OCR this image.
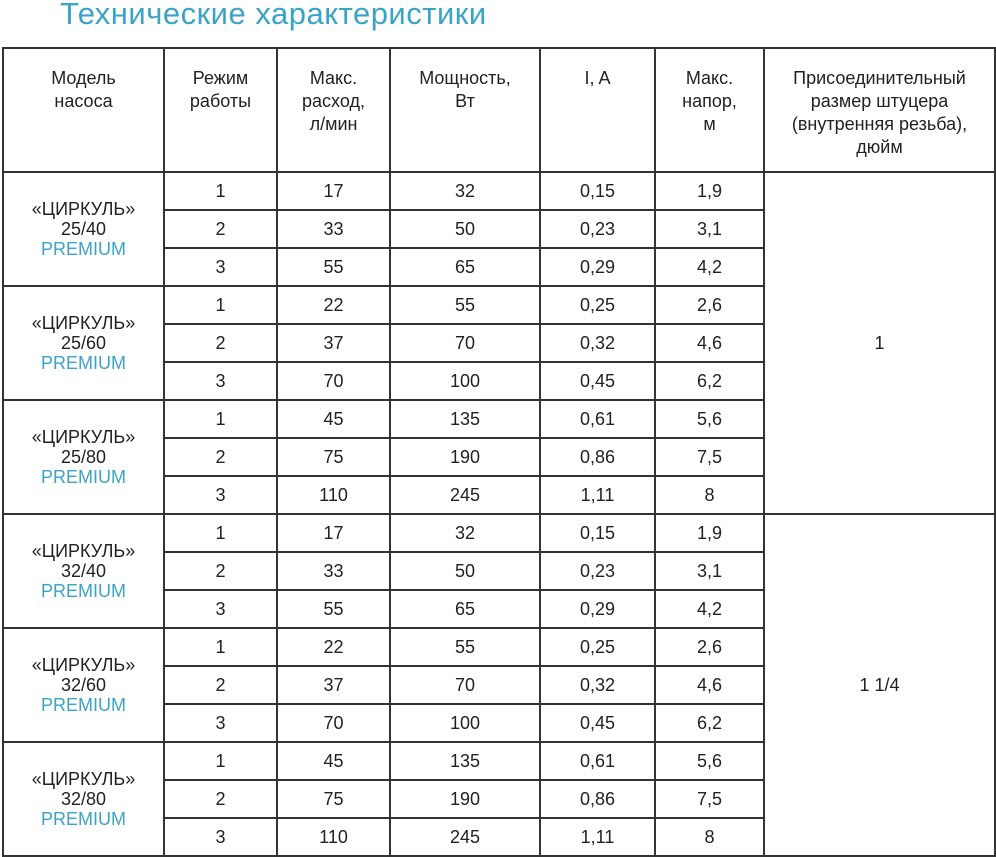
Технические характеристики
Модель
насоса	Режим
работы	Макс.
расход,
л/мин	Мощность,
Вт	I, A	Макс.
напор,
м	Присоединительный
размер штуцера
(внутренняя резьба),
дюйм

«ЦИРКУЛЬ»
25/40
PREMIUM	1	17	32	0,15	1,9	1
	2	33	50	0,23	3,1	
	3	55	65	0,29	4,2	

«ЦИРКУЛЬ»
25/60
PREMIUM	1	22	55	0,25	2,6	
	2	37	70	0,32	4,6	
	3	70	100	0,45	6,2	

«ЦИРКУЛЬ»
25/80
PREMIUM	1	45	135	0,61	5,6	
	2	75	190	0,86	7,5	
	3	110	245	1,11	8	

«ЦИРКУЛЬ»
32/40
PREMIUM	1	17	32	0,15	1,9	1 1/4
	2	33	50	0,23	3,1	
	3	55	65	0,29	4,2	

«ЦИРКУЛЬ»
32/60
PREMIUM	1	22	55	0,25	2,6	
	2	37	70	0,32	4,6	
	3	70	100	0,45	6,2	

«ЦИРКУЛЬ»
32/80
PREMIUM	1	45	135	0,61	5,6	
	2	75	190	0,86	7,5	
	3	110	245	1,11	8	
